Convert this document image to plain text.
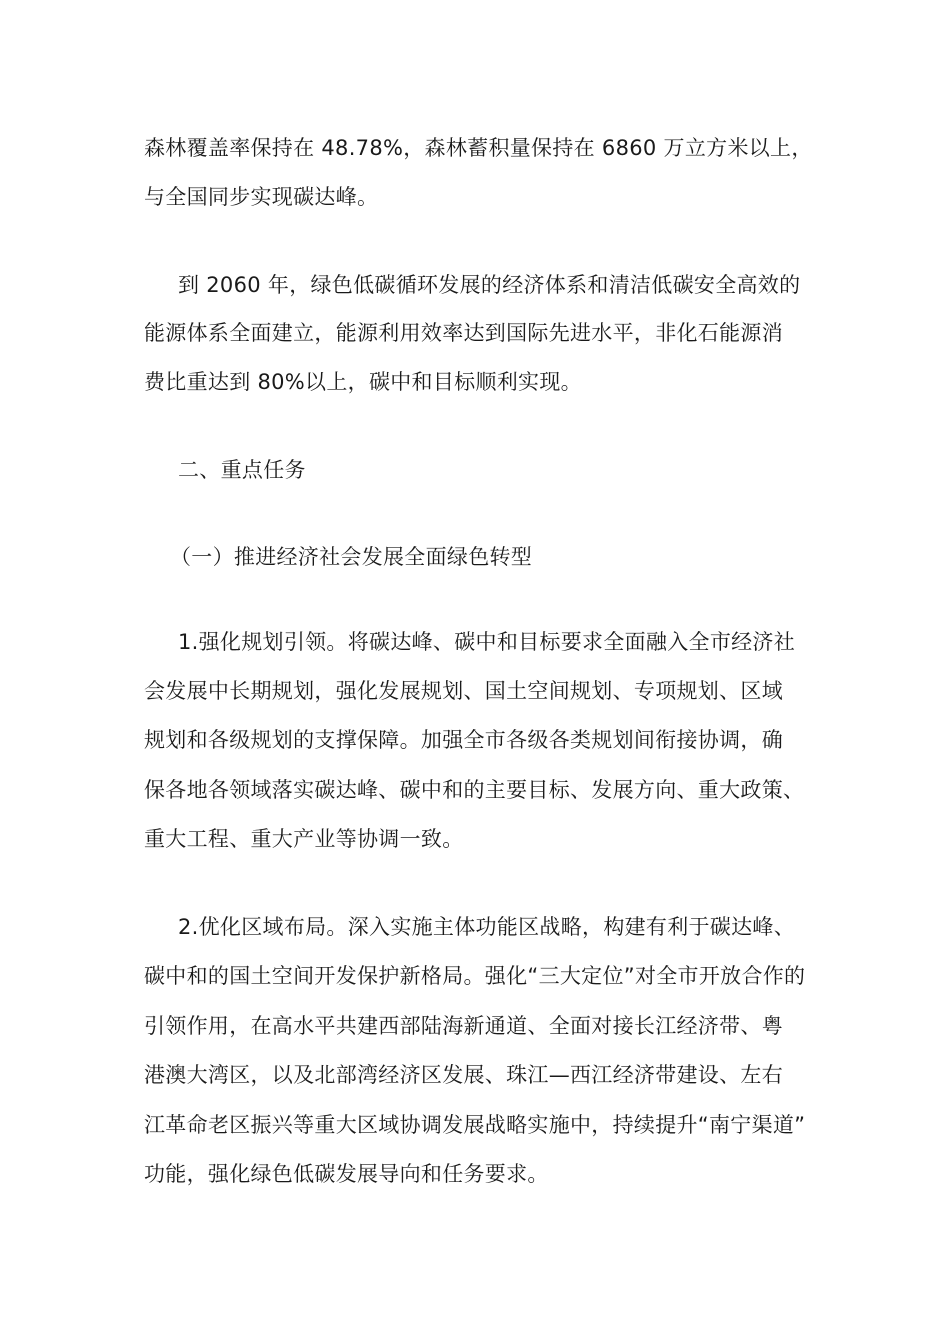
森林覆盖率保持在 48.78%，森林蓄积量保持在 6860 万立方米以上，

与全国同步实现碳达峰。

到 2060 年，绿色低碳循环发展的经济体系和清洁低碳安全高效的

能源体系全面建立，能源利用效率达到国际先进水平，非化石能源消

费比重达到 80%以上，碳中和目标顺利实现。

二、重点任务

（一）推进经济社会发展全面绿色转型

1.强化规划引领。将碳达峰、碳中和目标要求全面融入全市经济社

会发展中长期规划，强化发展规划、国土空间规划、专项规划、区域

规划和各级规划的支撑保障。加强全市各级各类规划间衔接协调，确

保各地各领域落实碳达峰、碳中和的主要目标、发展方向、重大政策、

重大工程、重大产业等协调一致。

2.优化区域布局。深入实施主体功能区战略，构建有利于碳达峰、

碳中和的国土空间开发保护新格局。强化“三大定位”对全市开放合作的

引领作用，在高水平共建西部陆海新通道、全面对接长江经济带、粤

港澳大湾区，以及北部湾经济区发展、珠江—西江经济带建设、左右

江革命老区振兴等重大区域协调发展战略实施中，持续提升“南宁渠道”

功能，强化绿色低碳发展导向和任务要求。
